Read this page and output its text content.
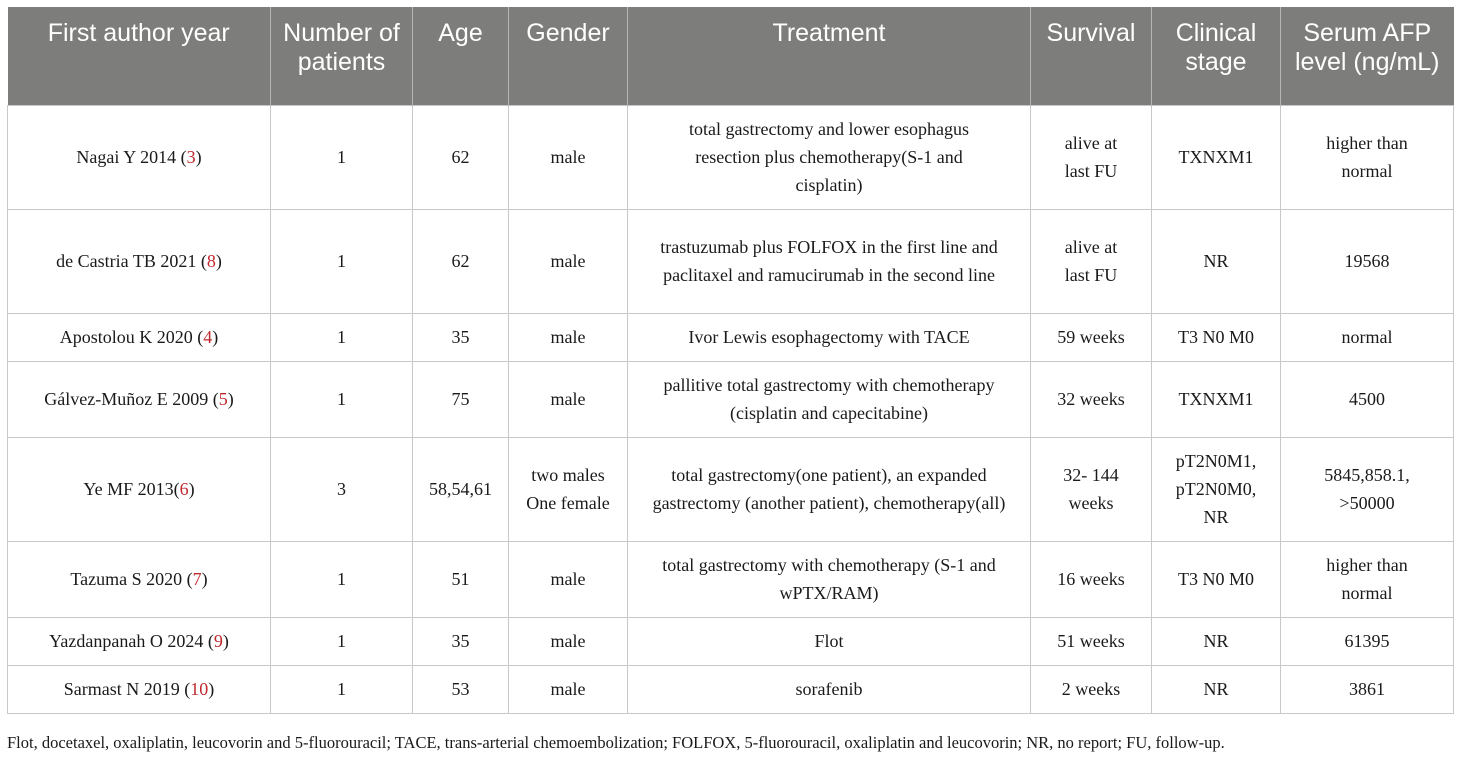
First author year	Number of patients	Age	Gender	Treatment	Survival	Clinical stage	Serum AFP level (ng/mL)
Nagai Y 2014 (3)	1	62	male	total gastrectomy and lower esophagus resection plus chemotherapy(S-1 and cisplatin)	alive at last FU	TXNXM1	higher than normal
de Castria TB 2021 (8)	1	62	male	trastuzumab plus FOLFOX in the first line and paclitaxel and ramucirumab in the second line	alive at last FU	NR	19568
Apostolou K 2020 (4)	1	35	male	Ivor Lewis esophagectomy with TACE	59 weeks	T3 N0 M0	normal
Gálvez-Muñoz E 2009 (5)	1	75	male	pallitive total gastrectomy with chemotherapy (cisplatin and capecitabine)	32 weeks	TXNXM1	4500
Ye MF 2013(6)	3	58,54,61	two males One female	total gastrectomy(one patient), an expanded gastrectomy (another patient), chemotherapy(all)	32- 144 weeks	pT2N0M1, pT2N0M0, NR	5845,858.1, >50000
Tazuma S 2020 (7)	1	51	male	total gastrectomy with chemotherapy (S-1 and wPTX/RAM)	16 weeks	T3 N0 M0	higher than normal
Yazdanpanah O 2024 (9)	1	35	male	Flot	51 weeks	NR	61395
Sarmast N 2019 (10)	1	53	male	sorafenib	2 weeks	NR	3861
Flot, docetaxel, oxaliplatin, leucovorin and 5-fluorouracil; TACE, trans-arterial chemoembolization; FOLFOX, 5-fluorouracil, oxaliplatin and leucovorin; NR, no report; FU, follow-up.
